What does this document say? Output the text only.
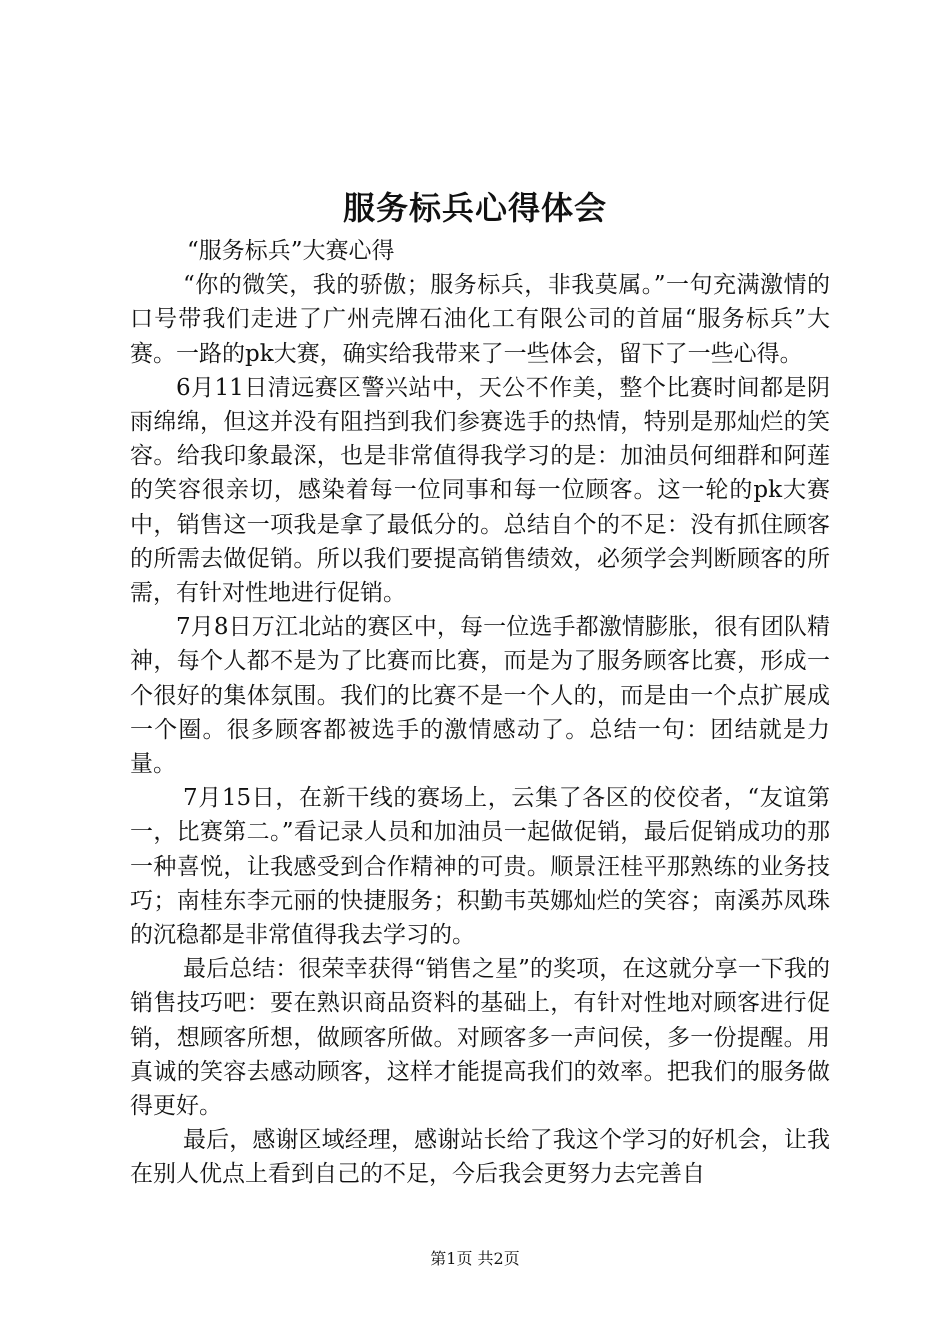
服务标兵心得体会

“服务标兵”大赛心得

“你的微笑，我的骄傲；服务标兵，非我莫属。”一句充满激情的口号带我们走进了广州壳牌石油化工有限公司的首届“服务标兵”大赛。一路的pk大赛，确实给我带来了一些体会，留下了一些心得。

6月11日清远赛区警兴站中，天公不作美，整个比赛时间都是阴雨绵绵，但这并没有阻挡到我们参赛选手的热情，特别是那灿烂的笑容。给我印象最深，也是非常值得我学习的是：加油员何细群和阿莲的笑容很亲切，感染着每一位同事和每一位顾客。这一轮的pk大赛中，销售这一项我是拿了最低分的。总结自个的不足：没有抓住顾客的所需去做促销。所以我们要提高销售绩效，必须学会判断顾客的所需，有针对性地进行促销。

7月8日万江北站的赛区中，每一位选手都激情膨胀，很有团队精神，每个人都不是为了比赛而比赛，而是为了服务顾客比赛，形成一个很好的集体氛围。我们的比赛不是一个人的，而是由一个点扩展成一个圈。很多顾客都被选手的激情感动了。总结一句：团结就是力量。

7月15日，在新干线的赛场上，云集了各区的佼佼者，“友谊第一，比赛第二。”看记录人员和加油员一起做促销，最后促销成功的那一种喜悦，让我感受到合作精神的可贵。顺景汪桂平那熟练的业务技巧；南桂东李元丽的快捷服务；积勤韦英娜灿烂的笑容；南溪苏凤珠的沉稳都是非常值得我去学习的。

最后总结：很荣幸获得“销售之星”的奖项，在这就分享一下我的销售技巧吧：要在熟识商品资料的基础上，有针对性地对顾客进行促销，想顾客所想，做顾客所做。对顾客多一声问侯，多一份提醒。用真诚的笑容去感动顾客，这样才能提高我们的效率。把我们的服务做得更好。

最后，感谢区域经理，感谢站长给了我这个学习的好机会，让我在别人优点上看到自己的不足，今后我会更努力去完善自

第1页 共2页
